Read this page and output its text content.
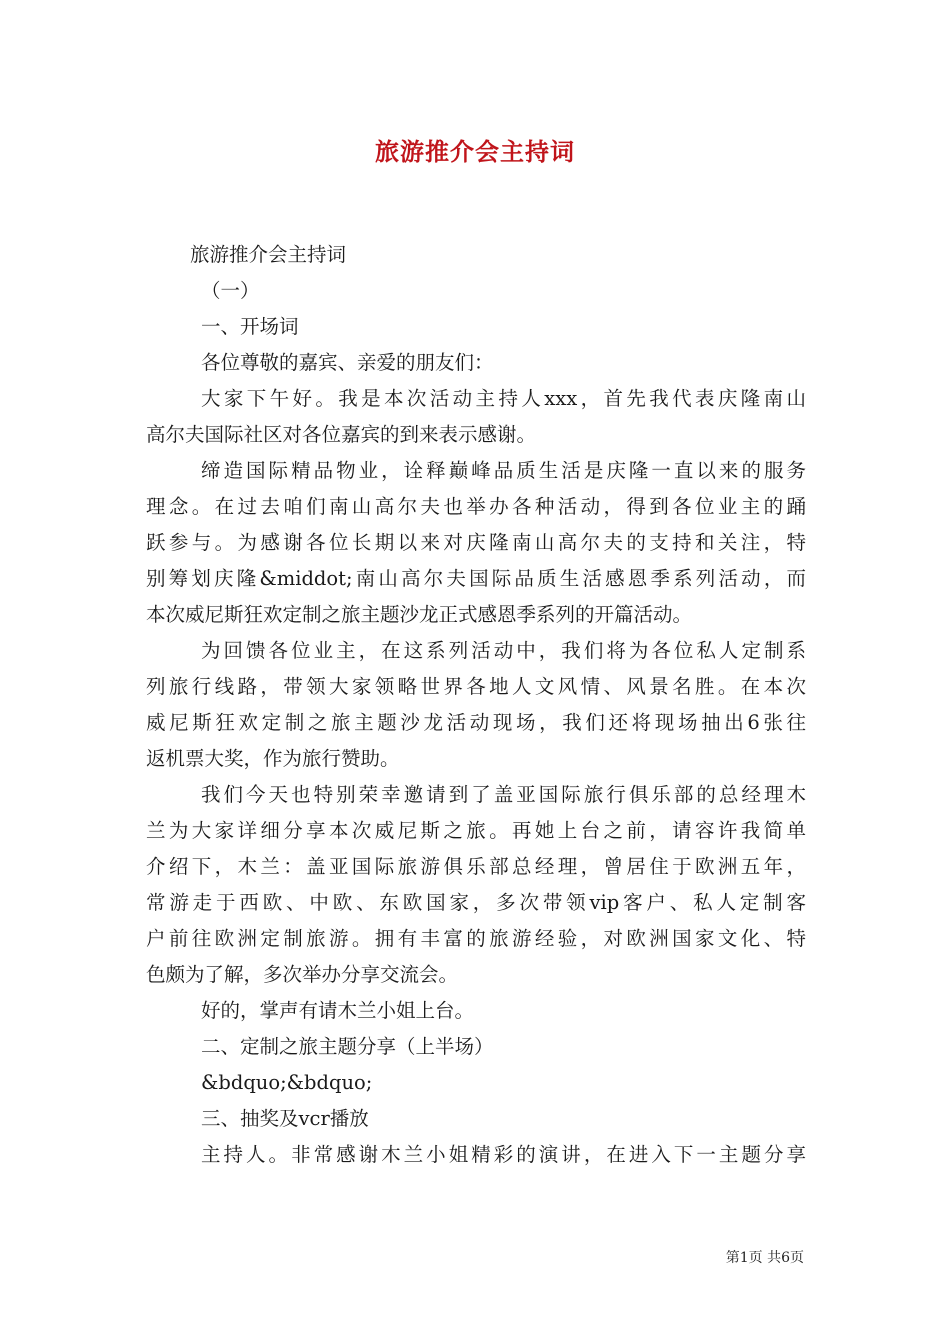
旅游推介会主持词
旅游推介会主持词
（一）
一、开场词
各位尊敬的嘉宾、亲爱的朋友们：
大家下午好。我是本次活动主持人xxx，首先我代表庆隆南山
高尔夫国际社区对各位嘉宾的到来表示感谢。
缔造国际精品物业，诠释巅峰品质生活是庆隆一直以来的服务
理念。在过去咱们南山高尔夫也举办各种活动，得到各位业主的踊
跃参与。为感谢各位长期以来对庆隆南山高尔夫的支持和关注，特
别筹划庆隆&middot;南山高尔夫国际品质生活感恩季系列活动，而
本次威尼斯狂欢定制之旅主题沙龙正式感恩季系列的开篇活动。
为回馈各位业主，在这系列活动中，我们将为各位私人定制系
列旅行线路，带领大家领略世界各地人文风情、风景名胜。在本次
威尼斯狂欢定制之旅主题沙龙活动现场，我们还将现场抽出6张往
返机票大奖，作为旅行赞助。
我们今天也特别荣幸邀请到了盖亚国际旅行俱乐部的总经理木
兰为大家详细分享本次威尼斯之旅。再她上台之前，请容许我简单
介绍下，木兰：盖亚国际旅游俱乐部总经理，曾居住于欧洲五年，
常游走于西欧、中欧、东欧国家，多次带领vip客户、私人定制客
户前往欧洲定制旅游。拥有丰富的旅游经验，对欧洲国家文化、特
色颇为了解，多次举办分享交流会。
好的，掌声有请木兰小姐上台。
二、定制之旅主题分享（上半场）
&bdquo;&bdquo;
三、抽奖及vcr播放
主持人。非常感谢木兰小姐精彩的演讲，在进入下一主题分享
第1页 共6页
